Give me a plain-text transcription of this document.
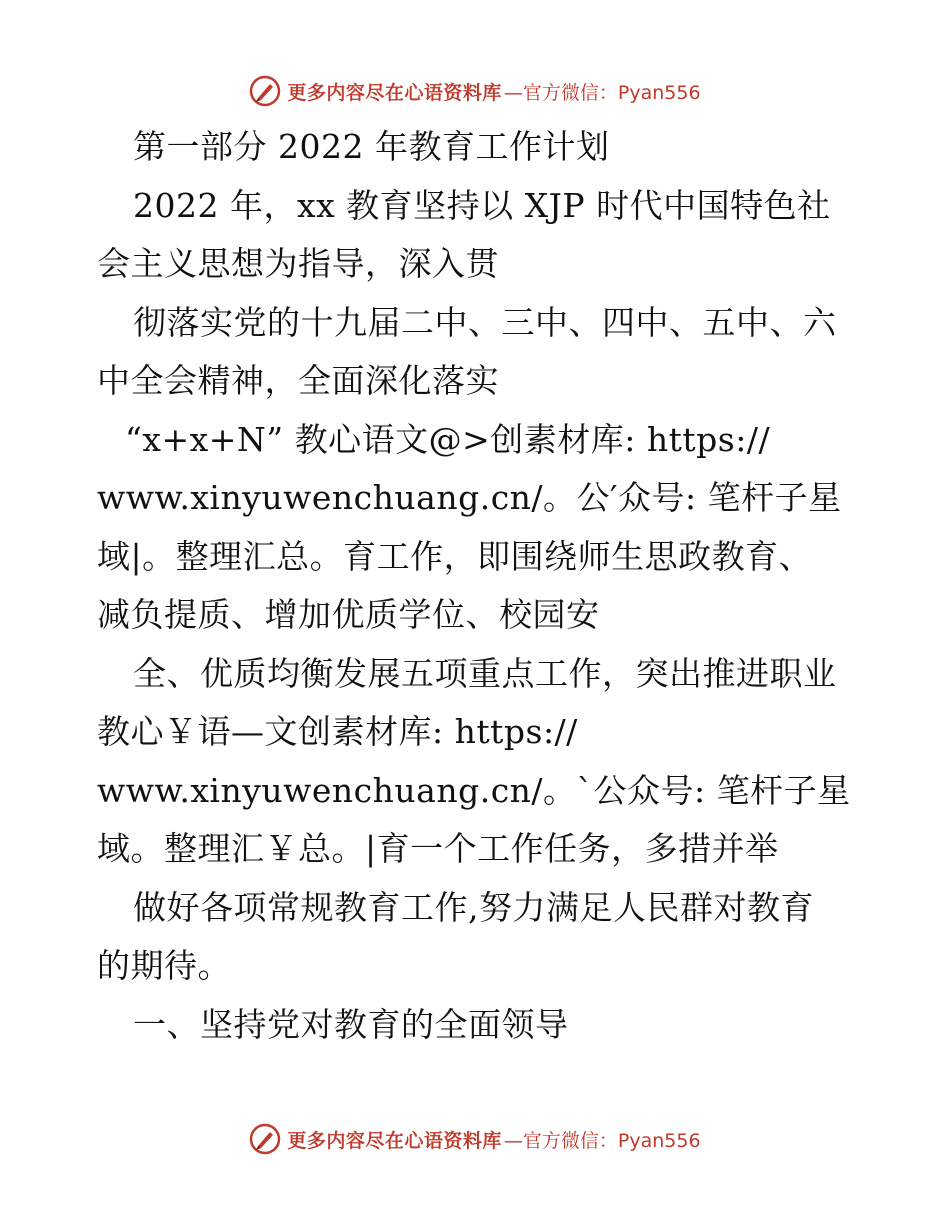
更多内容尽在心语资料库 —官方微信：Pyan556
第一部分 2022 年教育工作计划
2022 年，xx 教育坚持以 XJP 时代中国特色社
会主义思想为指导，深入贯
彻落实党的十九届二中、三中、四中、五中、六
中全会精神，全面深化落实
“x+x+N” 教心语文@>创素材库: https://
www.xinyuwenchuang.cn/。公′众号: 笔杆子星
域|。整理汇总。育工作，即围绕师生思政教育、
减负提质、增加优质学位、校园安
全、优质均衡发展五项重点工作，突出推进职业
教心￥语—文创素材库: https://
www.xinyuwenchuang.cn/。`公众号: 笔杆子星
域。整理汇￥总。|育一个工作任务，多措并举
做好各项常规教育工作,努力满足人民群对教育
的期待。
一、坚持党对教育的全面领导
更多内容尽在心语资料库 —官方微信：Pyan556
